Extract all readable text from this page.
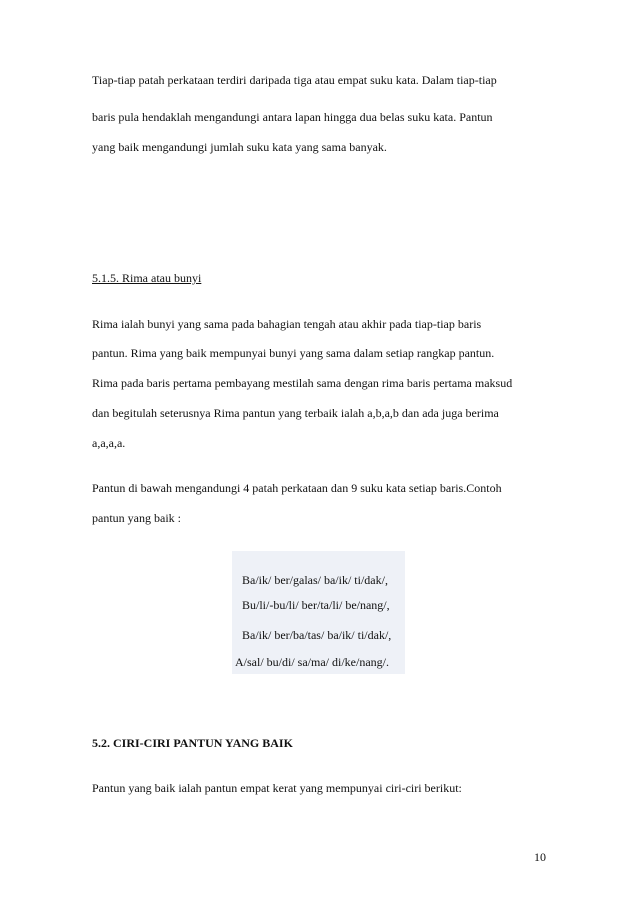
Tiap-tiap patah perkataan terdiri daripada tiga atau empat suku kata. Dalam tiap-tiap
baris pula hendaklah mengandungi antara lapan hingga dua belas suku kata. Pantun
yang baik mengandungi jumlah suku kata yang sama banyak.
5.1.5. Rima atau bunyi
Rima ialah bunyi yang sama pada bahagian tengah atau akhir pada tiap-tiap baris
pantun. Rima yang baik mempunyai bunyi yang sama dalam setiap rangkap pantun.
Rima pada baris pertama pembayang mestilah sama dengan rima baris pertama maksud
dan begitulah seterusnya Rima pantun yang terbaik ialah a,b,a,b dan ada juga berima
a,a,a,a.
Pantun di bawah mengandungi 4 patah perkataan dan 9 suku kata setiap baris.Contoh
pantun yang baik :
Ba/ik/ ber/galas/ ba/ik/ ti/dak/,
Bu/li/-bu/li/ ber/ta/li/ be/nang/,
Ba/ik/ ber/ba/tas/ ba/ik/ ti/dak/,
A/sal/ bu/di/ sa/ma/ di/ke/nang/.
5.2. CIRI-CIRI PANTUN YANG BAIK
Pantun yang baik ialah pantun empat kerat yang mempunyai ciri-ciri berikut:
10
